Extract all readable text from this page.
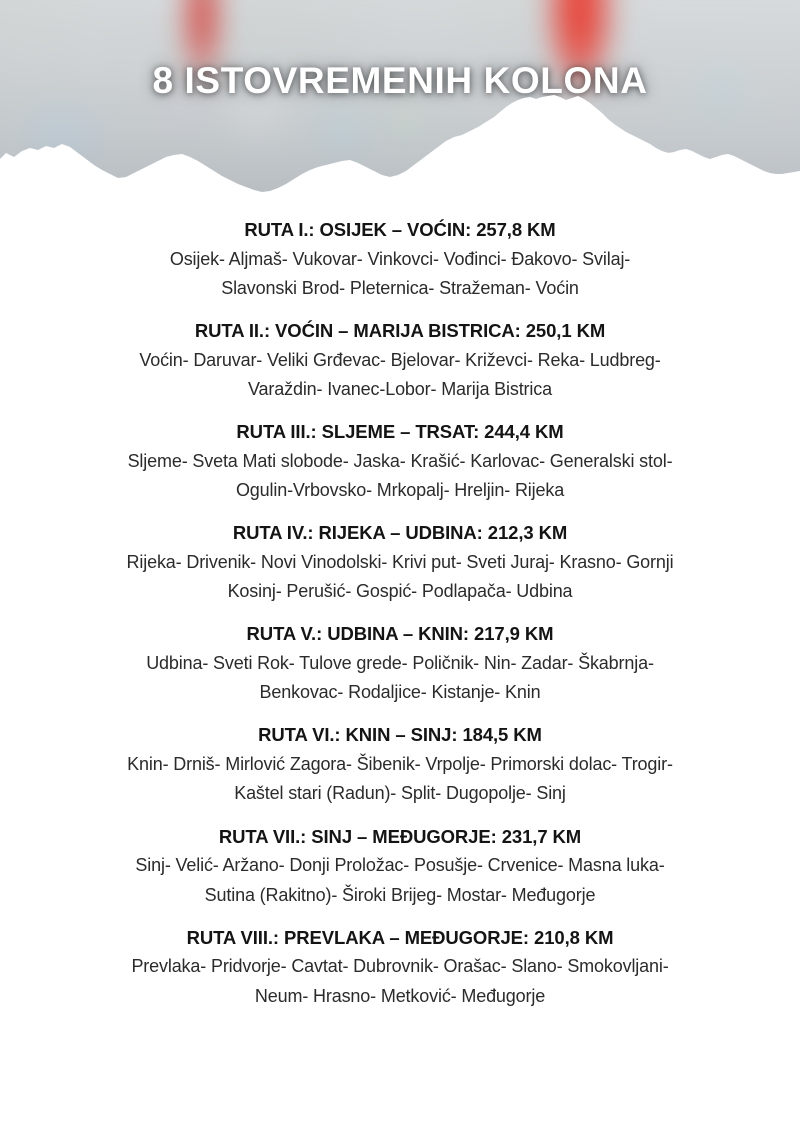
8 ISTOVREMENIH KOLONA
RUTA I.: OSIJEK – VOĆIN: 257,8 KM
Osijek- Aljmaš- Vukovar- Vinkovci- Vođinci- Đakovo- Svilaj-
Slavonski Brod- Pleternica- Stražeman- Voćin
RUTA II.: VOĆIN – MARIJA BISTRICA: 250,1 KM
Voćin- Daruvar- Veliki Grđevac- Bjelovar- Križevci- Reka- Ludbreg-
Varaždin- Ivanec-Lobor- Marija Bistrica
RUTA III.: SLJEME – TRSAT: 244,4 KM
Sljeme- Sveta Mati slobode- Jaska- Krašić- Karlovac- Generalski stol-
Ogulin-Vrbovsko- Mrkopalj- Hreljin- Rijeka
RUTA IV.: RIJEKA – UDBINA: 212,3 KM
Rijeka- Drivenik- Novi Vinodolski- Krivi put- Sveti Juraj- Krasno- Gornji
Kosinj- Perušić- Gospić- Podlapača- Udbina
RUTA V.: UDBINA – KNIN: 217,9 KM
Udbina- Sveti Rok- Tulove grede- Poličnik- Nin- Zadar- Škabrnja-
Benkovac- Rodaljice- Kistanje- Knin
RUTA VI.: KNIN – SINJ: 184,5 KM
Knin- Drniš- Mirlović Zagora- Šibenik- Vrpolje- Primorski dolac- Trogir-
Kaštel stari (Radun)- Split- Dugopolje- Sinj
RUTA VII.: SINJ – MEĐUGORJE: 231,7 KM
Sinj- Velić- Aržano- Donji Proložac- Posušje- Crvenice- Masna luka-
Sutina (Rakitno)- Široki Brijeg- Mostar- Međugorje
RUTA VIII.: PREVLAKA – MEĐUGORJE: 210,8 KM
Prevlaka- Pridvorje- Cavtat- Dubrovnik- Orašac- Slano- Smokovljani-
Neum- Hrasno- Metković- Međugorje
